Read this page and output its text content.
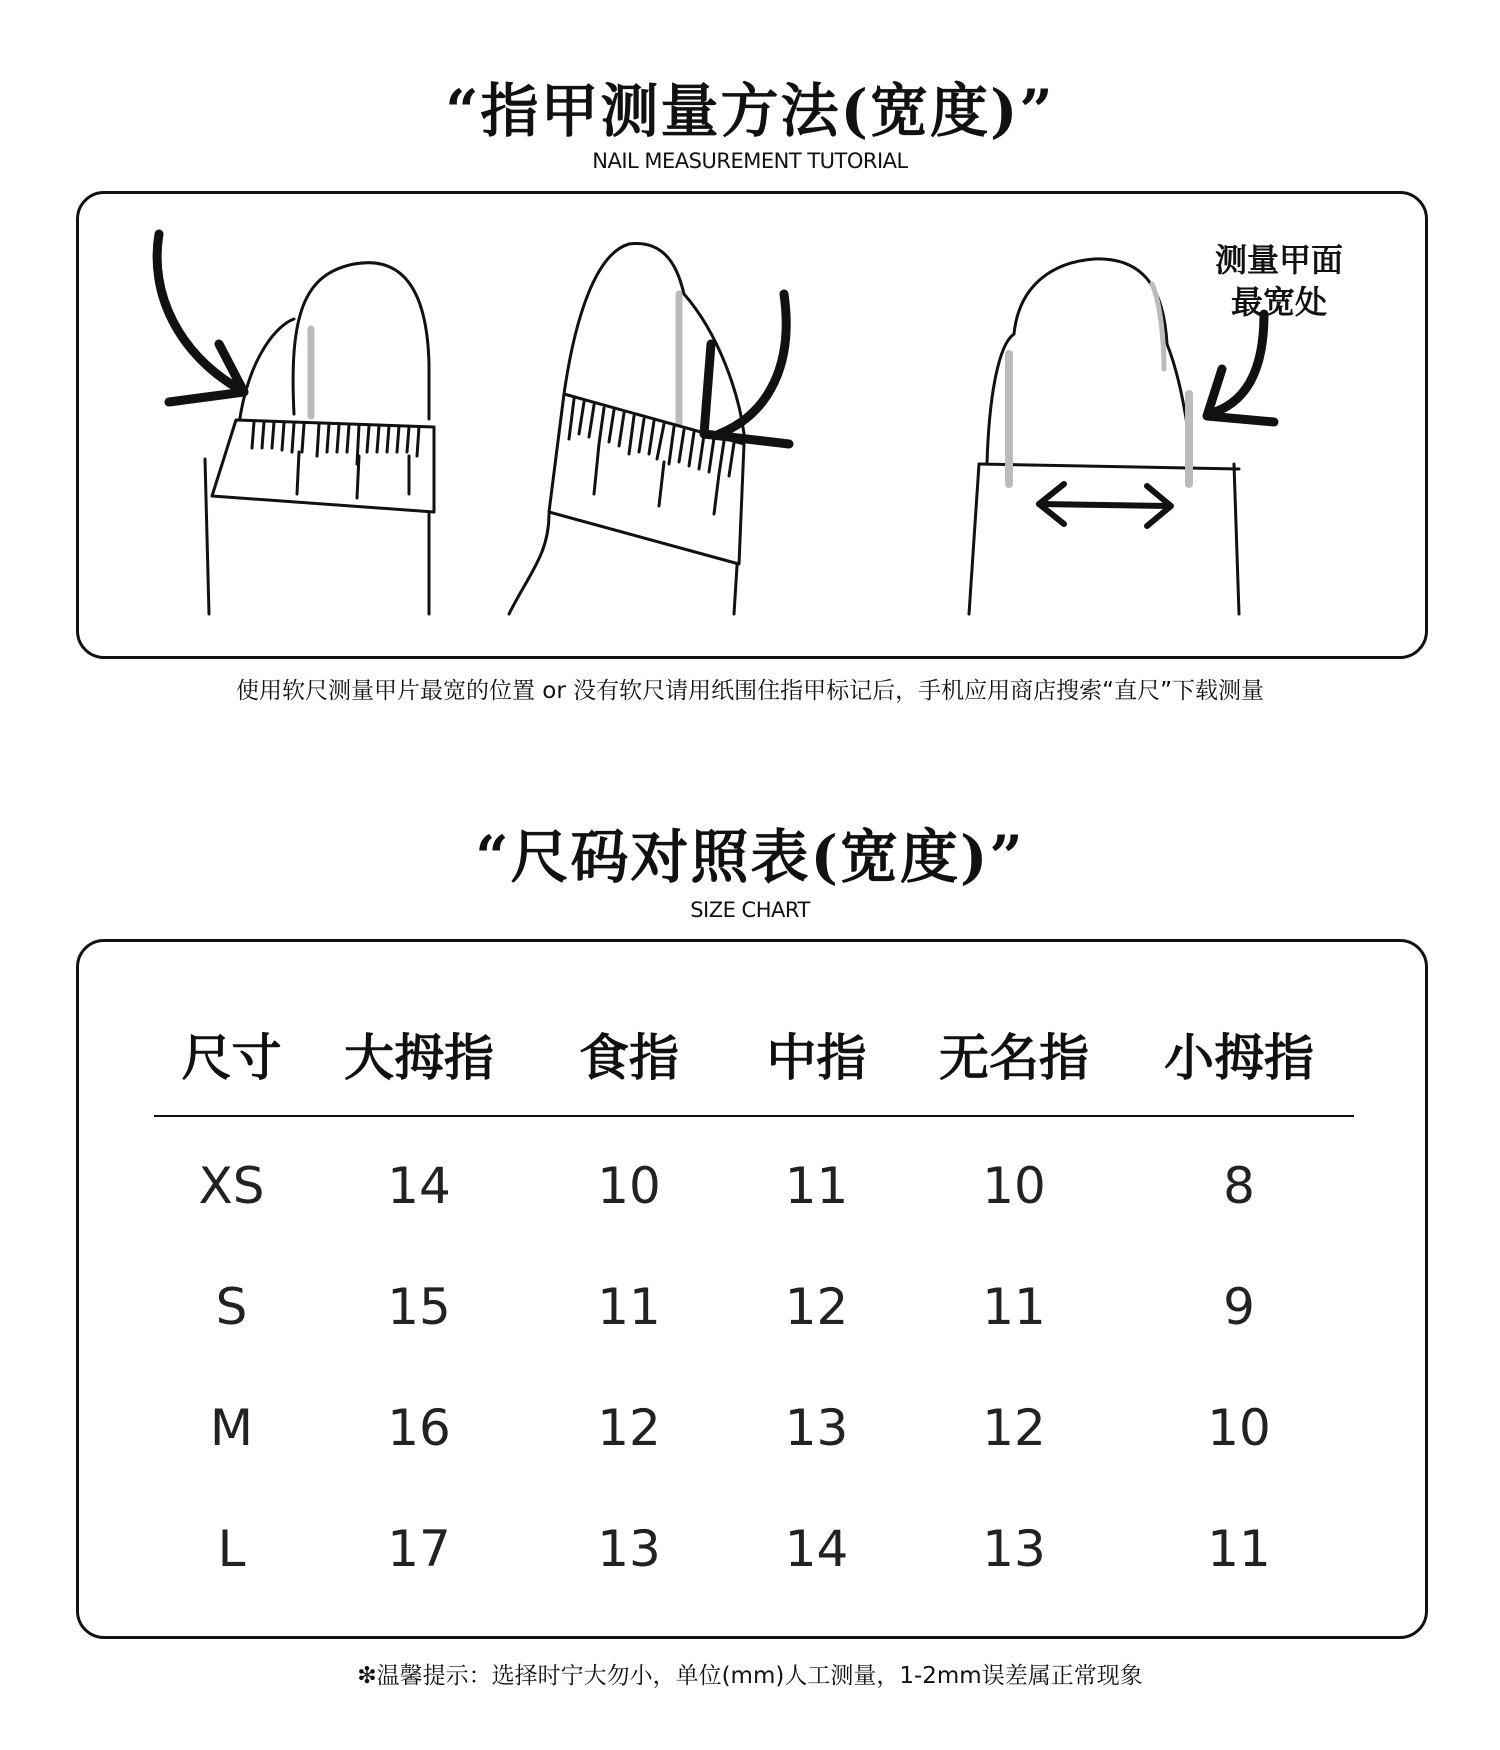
“指甲测量方法(宽度)”
NAIL MEASUREMENT TUTORIAL
测量甲面
最宽处
使用软尺测量甲片最宽的位置 or 没有软尺请用纸围住指甲标记后，手机应用商店搜索“直尺”下载测量
“尺码对照表(宽度)”
SIZE CHART
尺寸	大拇指	食指	中指	无名指	小拇指
XS	14	10	11	10	8
S	15	11	12	11	9
M	16	12	13	12	10
L	17	13	14	13	11
❇温馨提示：选择时宁大勿小，单位(mm)人工测量，1-2mm误差属正常现象
